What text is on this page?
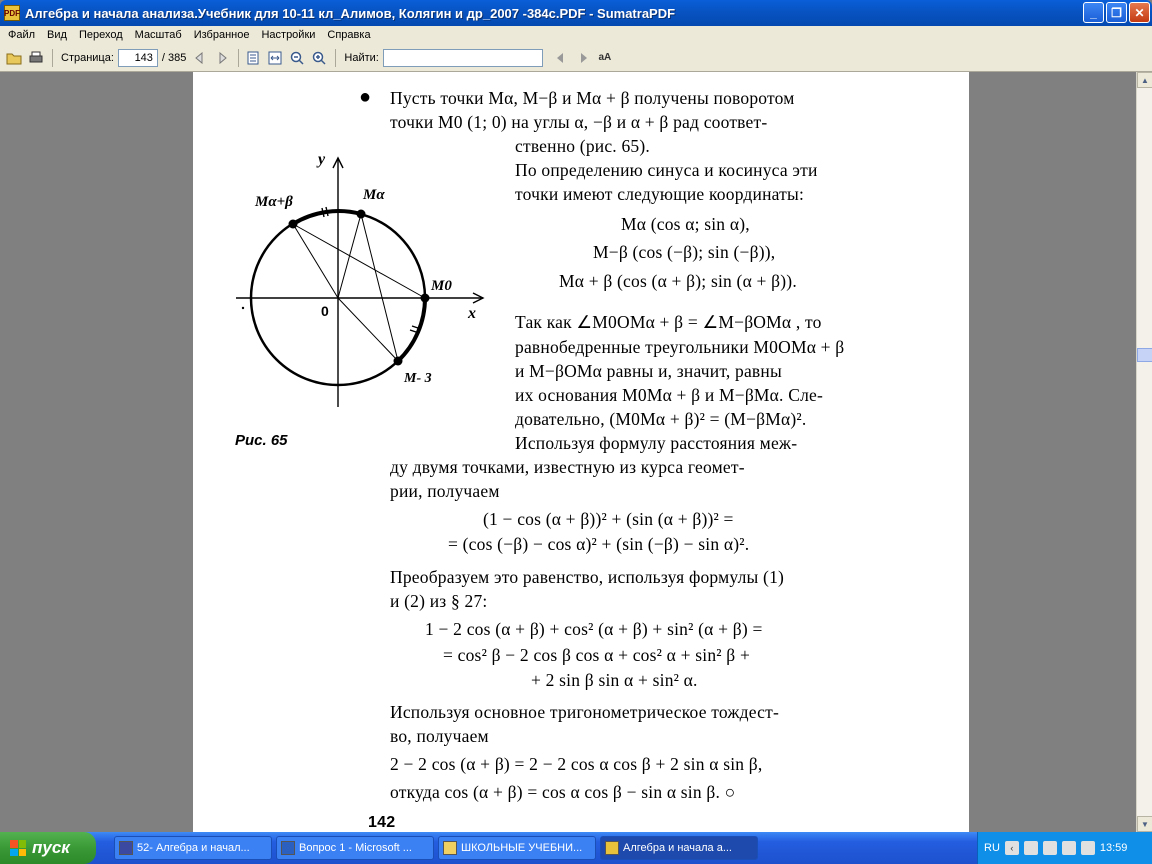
PDF Алгебра и начала анализа.Учебник для 10-11 кл_Алимов, Колягин и др_2007 -384с.PDF - SumatraPDF	_	❐	✕
Файл	Вид	Переход	Масштаб	Избранное	Настройки	Справка
Страница:
143	/ 385	Найти:	aA
● Пусть точки Mα, M−β и Mα + β получены поворотом
точки M0 (1; 0) на углы α, −β и α + β рад соответ-
ственно (рис. 65).
По определению синуса и косинуса эти
точки имеют следующие координаты:
Mα (cos α; sin α),
M−β (cos (−β); sin (−β)),
Mα + β (cos (α + β); sin (α + β)).
Так как ∠M0OMα + β = ∠M−βOMα , то
равнобедренные треугольники M0OMα + β
и M−βOMα равны и, значит, равны
их основания M0Mα + β и M−βMα. Сле-
довательно, (M0Mα + β)² = (M−βMα)².
Используя формулу расстояния меж-
ду двумя точками, известную из курса геомет-
рии, получаем
(1 − cos (α + β))² + (sin (α + β))² =
= (cos (−β) − cos α)² + (sin (−β) − sin α)².
Преобразуем это равенство, используя формулы (1)
и (2) из § 27:
1 − 2 cos (α + β) + cos² (α + β) + sin² (α + β) =
= cos² β − 2 cos β cos α + cos² α + sin² β +
+ 2 sin β sin α + sin² α.
Используя основное тригонометрическое тождест-
во, получаем
2 − 2 cos (α + β) = 2 − 2 cos α cos β + 2 sin α sin β,
откуда cos (α + β) = cos α cos β − sin α sin β. ○
142
y
x
0
Mα+β	Mα
M0
M- 3
Рис. 65
▲
▼
пуск	52- Алгебра и начал...	Вопрос 1 - Microsoft ...	ШКОЛЬНЫЕ УЧЕБНИ...	Алгебра и начала а...	RU	‹	13:59
